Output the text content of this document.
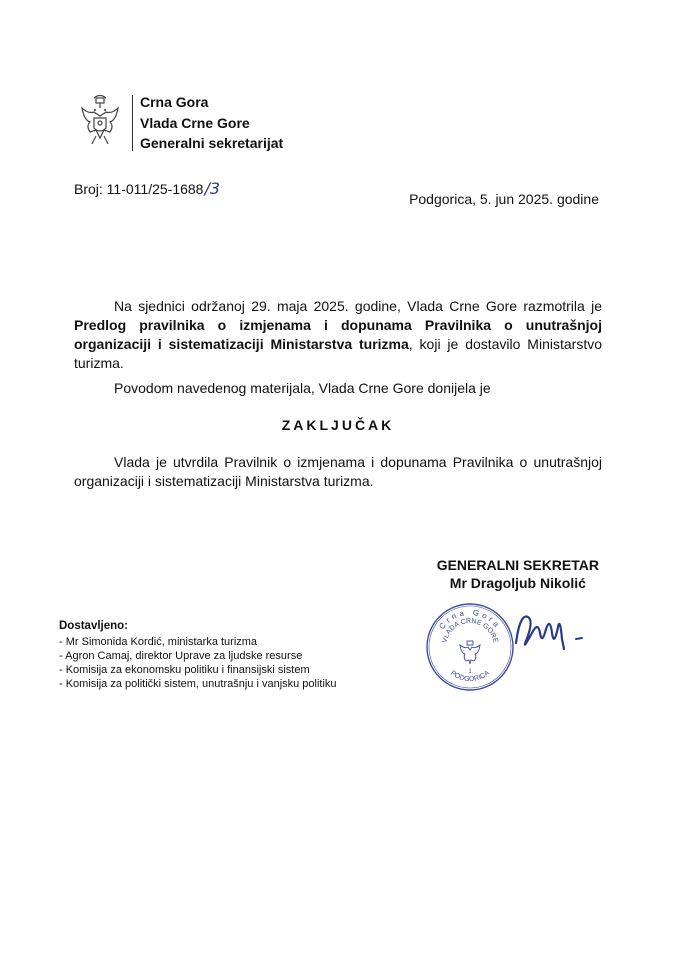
Crna Gora
Vlada Crne Gore
Generalni sekretarijat
Broj: 11-011/25-1688/3
Podgorica, 5. jun 2025. godine

Na sjednici održanoj 29. maja 2025. godine, Vlada Crne Gore razmotrila je Predlog pravilnika o izmjenama i dopunama Pravilnika o unutrašnjoj organizaciji i sistematizaciji Ministarstva turizma, koji je dostavilo Ministarstvo turizma.

Povodom navedenog materijala, Vlada Crne Gore donijela je

ZAKLJUČAK

Vlada je utvrdila Pravilnik o izmjenama i dopunama Pravilnika o unutrašnjoj organizaciji i sistematizaciji Ministarstva turizma.

GENERALNI SEKRETAR
Mr Dragoljub Nikolić
Crna Gora
VLADA CRNE GORE
PODGORICA
1
Dostavljeno:
- Mr Simonida Kordić, ministarka turizma
- Agron Camaj, direktor Uprave za ljudske resurse
- Komisija za ekonomsku politiku i finansijski sistem
- Komisija za politički sistem, unutrašnju i vanjsku politiku
